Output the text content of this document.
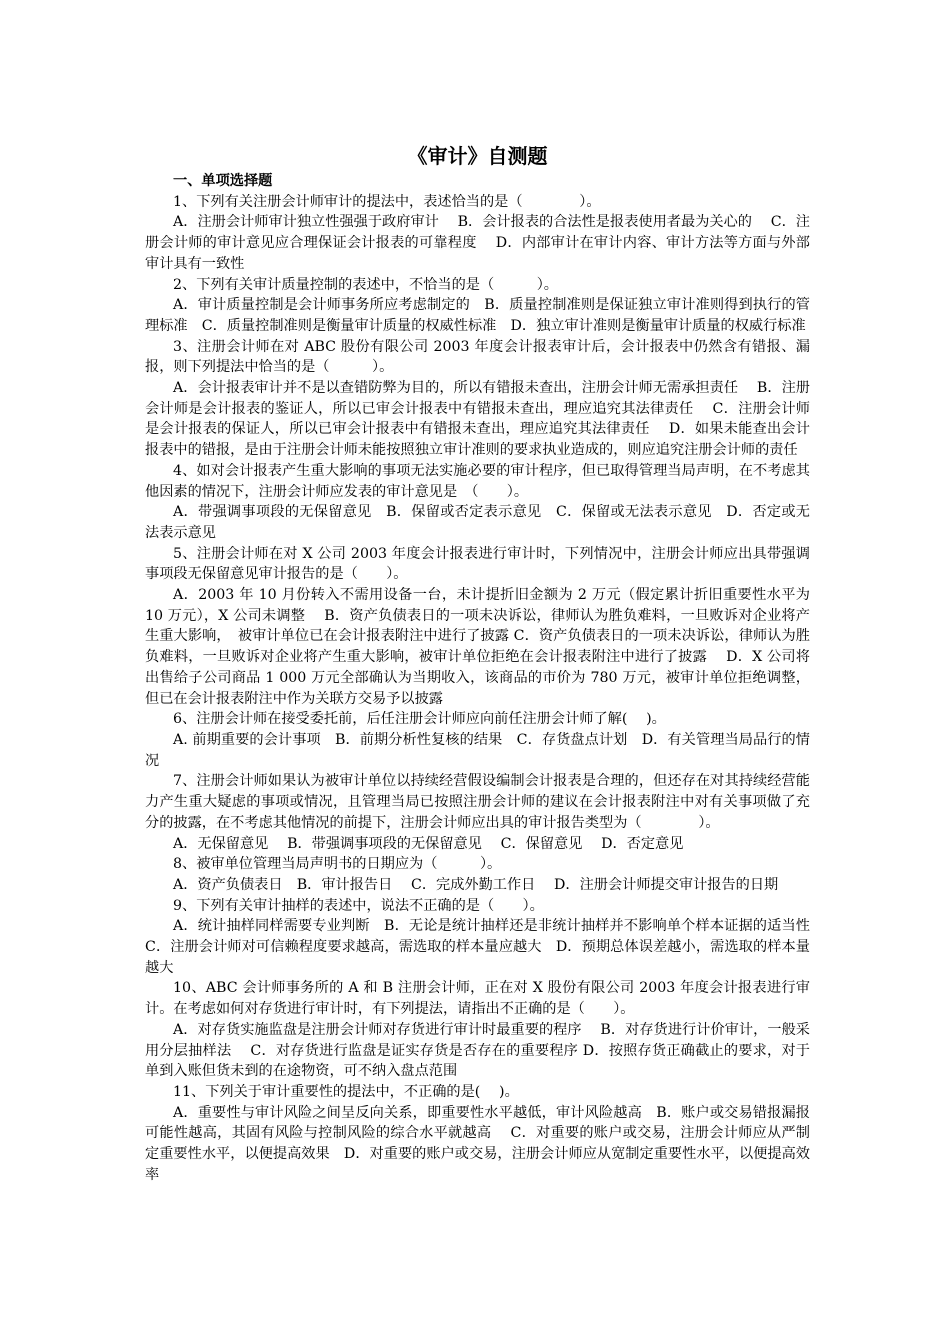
《审计》自测题
一、单项选择题
1、下列有关注册会计师审计的提法中，表述恰当的是（　　　　）。
A．注册会计师审计独立性强强于政府审计　 B．会计报表的合法性是报表使用者最为关心的　 C．注册会计师的审计意见应合理保证会计报表的可靠程度　 D．内部审计在审计内容、审计方法等方面与外部审计具有一致性
2、下列有关审计质量控制的表述中，不恰当的是（　　　）。
A．审计质量控制是会计师事务所应考虑制定的　B．质量控制准则是保证独立审计准则得到执行的管理标准　C．质量控制准则是衡量审计质量的权威性标准　D．独立审计准则是衡量审计质量的权威行标准
3、注册会计师在对 ABC 股份有限公司 2003 年度会计报表审计后，会计报表中仍然含有错报、漏报，则下列提法中恰当的是（　　　）。
A．会计报表审计并不是以查错防弊为目的，所以有错报未查出，注册会计师无需承担责任　 B．注册会计师是会计报表的鉴证人，所以已审会计报表中有错报未查出，理应追究其法律责任　 C．注册会计师是会计报表的保证人，所以已审会计报表中有错报未查出，理应追究其法律责任　 D．如果未能查出会计报表中的错报，是由于注册会计师未能按照独立审计准则的要求执业造成的，则应追究注册会计师的责任
4、如对会计报表产生重大影响的事项无法实施必要的审计程序，但已取得管理当局声明，在不考虑其他因素的情况下，注册会计师应发表的审计意见是　（　　）。
A．带强调事项段的无保留意见　B．保留或否定表示意见　C．保留或无法表示意见　D．否定或无法表示意见
5、注册会计师在对 X 公司 2003 年度会计报表进行审计时，下列情况中，注册会计师应出具带强调事项段无保留意见审计报告的是（　　）。
A．2003 年 10 月份转入不需用设备一台，未计提折旧金额为 2 万元（假定累计折旧重要性水平为 10 万元），X 公司未调整　 B．资产负债表日的一项未决诉讼，律师认为胜负难料，一旦败诉对企业将产生重大影响，　被审计单位已在会计报表附注中进行了披露 C．资产负债表日的一项未决诉讼，律师认为胜负难料，一旦败诉对企业将产生重大影响，被审计单位拒绝在会计报表附注中进行了披露　 D．X 公司将出售给子公司商品 1 000 万元全部确认为当期收入，该商品的市价为 780 万元，被审计单位拒绝调整，但已在会计报表附注中作为关联方交易予以披露
6、注册会计师在接受委托前，后任注册会计师应向前任注册会计师了解(　 )。
A. 前期重要的会计事项　B．前期分析性复核的结果　C．存货盘点计划　D．有关管理当局品行的情况
7、注册会计师如果认为被审计单位以持续经营假设编制会计报表是合理的，但还存在对其持续经营能力产生重大疑虑的事项或情况，且管理当局已按照注册会计师的建议在会计报表附注中对有关事项做了充分的披露，在不考虑其他情况的前提下，注册会计师应出具的审计报告类型为（　　　　）。
A．无保留意见　 B．带强调事项段的无保留意见　 C．保留意见　 D．否定意见
8、被审单位管理当局声明书的日期应为（　　　）。
A．资产负债表日　B．审计报告日　 C．完成外勤工作日　 D．注册会计师提交审计报告的日期
9、下列有关审计抽样的表述中，说法不正确的是（　　）。
A．统计抽样同样需要专业判断　B．无论是统计抽样还是非统计抽样并不影响单个样本证据的适当性　C．注册会计师对可信赖程度要求越高，需选取的样本量应越大　D．预期总体误差越小，需选取的样本量越大
10、ABC 会计师事务所的 A 和 B 注册会计师，正在对 X 股份有限公司 2003 年度会计报表进行审计。在考虑如何对存货进行审计时，有下列提法，请指出不正确的是（　　）。
A．对存货实施监盘是注册会计师对存货进行审计时最重要的程序　 B．对存货进行计价审计，一般采用分层抽样法　 C．对存货进行监盘是证实存货是否存在的重要程序 D．按照存货正确截止的要求，对于单到入账但货未到的在途物资，可不纳入盘点范围
11、下列关于审计重要性的提法中，不正确的是(　 )。
A．重要性与审计风险之间呈反向关系，即重要性水平越低，审计风险越高　B．账户或交易错报漏报可能性越高，其固有风险与控制风险的综合水平就越高　 C．对重要的账户或交易，注册会计师应从严制定重要性水平，以便提高效果　D．对重要的账户或交易，注册会计师应从宽制定重要性水平，以便提高效率
